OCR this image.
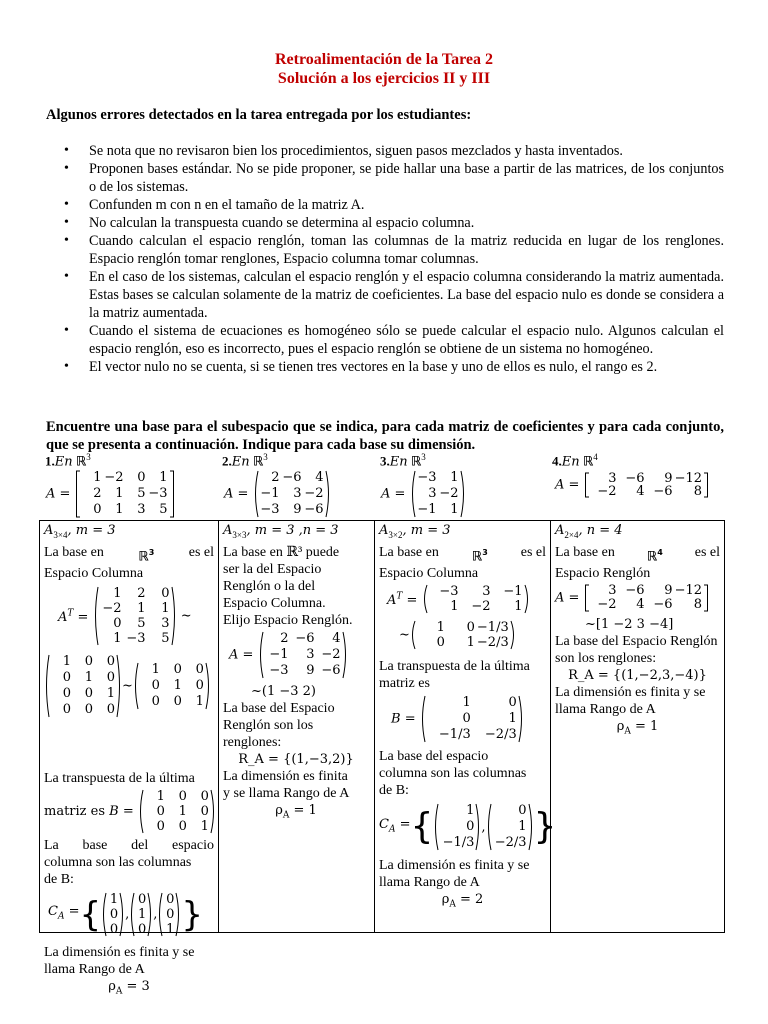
Retroalimentación de la Tarea 2
Solución a los ejercicios II y III
Algunos errores detectados en la tarea entregada por los estudiantes:
• Se nota que no revisaron bien los procedimientos, siguen pasos mezclados y hasta inventados.
• Proponen bases estándar. No se pide proponer, se pide hallar una base a partir de las matrices, de los conjuntos o de los sistemas.
• Confunden m con n en el tamaño de la matriz A.
• No calculan la transpuesta cuando se determina al espacio columna.
• Cuando calculan el espacio renglón, toman las columnas de la matriz reducida en lugar de los renglones. Espacio renglón tomar renglones, Espacio columna tomar columnas.
• En el caso de los sistemas, calculan el espacio renglón y el espacio columna considerando la matriz aumentada. Estas bases se calculan solamente de la matriz de coeficientes. La base del espacio nulo es donde se considera a la matriz aumentada.
• Cuando el sistema de ecuaciones es homogéneo sólo se puede calcular el espacio nulo. Algunos calculan el espacio renglón, eso es incorrecto, pues el espacio renglón se obtiene de un sistema no homogéneo.
• El vector nulo no se cuenta, si se tienen tres vectores en la base y uno de ellos es nulo, el rango es 2.
Encuentre una base para el subespacio que se indica, para cada matriz de coeficientes y para cada conjunto, que se presenta a continuación. Indique para cada base su dimensión.
1.En ℝ$^3$	2.En ℝ$^3$	3.En ℝ$^3$	4.En ℝ$^4$
A =
1	−2	0	1
2	1	5	−3
0	1	3	5
A =
2	−6	4
−1	3	−2
−3	9	−6
A =
−3	1
3	−2
−1	1
A = 3	−6	9	−12
−2	4	−6	8
$A_{3\times 4}$, m = 3
La base en	ℝ$^3$ es el
Espacio Columna
$A^T$ =
1	2	0
−2	1	1
0	5	3
1	−3	5
~
1	0	0
0	1	0
0	0	1
0	0	0
~
1	0	0
0	1	0
0	0	1
La transpuesta de la última
matriz es B =
1	0	0
0	1	0
0	0	1
La base del espacio
columna son las columnas
de B:
$C_A$ = { 1
0
0
,
0
1
0
,
0
0
1 }
La dimensión es finita y se
llama Rango de A
$\rho_A = 3$
$A_{3\times 3}$, m = 3 ,n = 3
La base en ℝ³ puede
ser la del Espacio
Renglón o la del
Espacio Columna.
Elijo Espacio Renglón.
A =
2	−6	4
−1	3	−2
−3	9	−6
~(1 −3 2)
La base del Espacio
Renglón son los
renglones:
R_A = {(1,−3,2)}
La dimensión es finita
y se llama Rango de A
$\rho_A = 1$
$A_{3\times 2}$, m = 3
La base en	ℝ$^3$ es el
Espacio Columna
$A^T$ =
−3	3	−1
1	−2	1
~ 1	0	−1/3
0	1	−2/3
La transpuesta de la última
matriz es
B =
1	0
0	1
−1/3	−2/3
La base del espacio
columna son las columnas
de B:
$C_A$ = {	1
0
−1/3
,
0
1
−2/3 }
La dimensión es finita y se
llama Rango de A
$\rho_A = 2$
$A_{2\times 4}$, n = 4
La base en ℝ$^4$ es el
Espacio Renglón
A = 3	−6	9	−12
−2	4	−6	8
~[1 −2 3 −4]
La base del Espacio Renglón
son los renglones:
R_A = {(1,−2,3,−4)}
La dimensión es finita y se
llama Rango de A
$\rho_A = 1$
